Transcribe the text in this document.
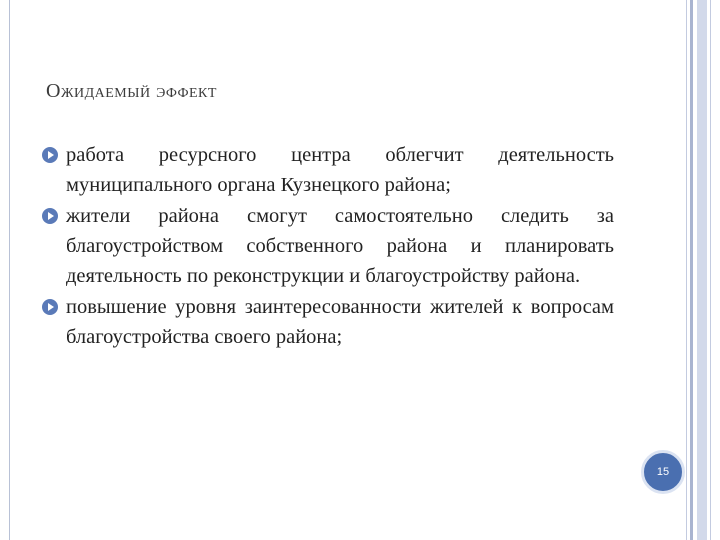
Ожидаемый эффект
работа ресурсного центра облегчит деятельность муниципального органа Кузнецкого района;
жители района смогут самостоятельно следить за благоустройством собственного района и планировать деятельность по реконструкции и благоустройству района.
повышение уровня заинтересованности жителей к вопросам благоустройства своего района;
15
